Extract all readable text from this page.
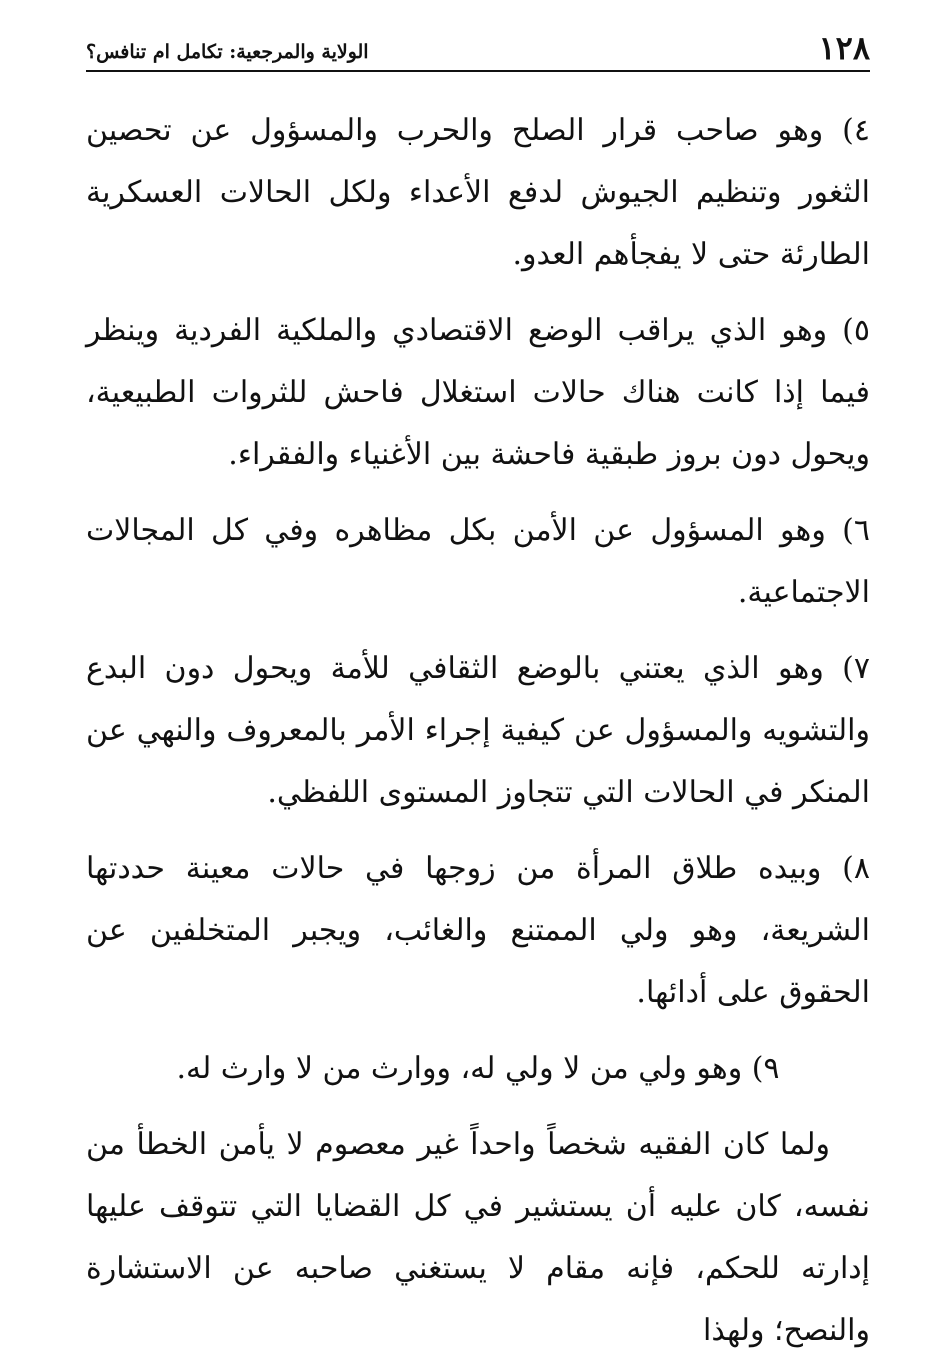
١٢٨
الولاية والمرجعية: تكامل ام تنافس؟

٤) وهو صاحب قرار الصلح والحرب والمسؤول عن تحصين الثغور وتنظيم الجيوش لدفع الأعداء ولكل الحالات العسكرية الطارئة حتى لا يفجأهم العدو.

٥) وهو الذي يراقب الوضع الاقتصادي والملكية الفردية وينظر فيما إذا كانت هناك حالات استغلال فاحش للثروات الطبيعية، ويحول دون بروز طبقية فاحشة بين الأغنياء والفقراء.

٦) وهو المسؤول عن الأمن بكل مظاهره وفي كل المجالات الاجتماعية.

٧) وهو الذي يعتني بالوضع الثقافي للأمة ويحول دون البدع والتشويه والمسؤول عن كيفية إجراء الأمر بالمعروف والنهي عن المنكر في الحالات التي تتجاوز المستوى اللفظي.

٨) وبيده طلاق المرأة من زوجها في حالات معينة حددتها الشريعة، وهو ولي الممتنع والغائب، ويجبر المتخلفين عن الحقوق على أدائها.

٩) وهو ولي من لا ولي له، ووارث من لا وارث له.

ولما كان الفقيه شخصاً واحداً غير معصوم لا يأمن الخطأ من نفسه، كان عليه أن يستشير في كل القضايا التي تتوقف عليها إدارته للحكم، فإنه مقام لا يستغني صاحبه عن الاستشارة والنصح؛ ولهذا
